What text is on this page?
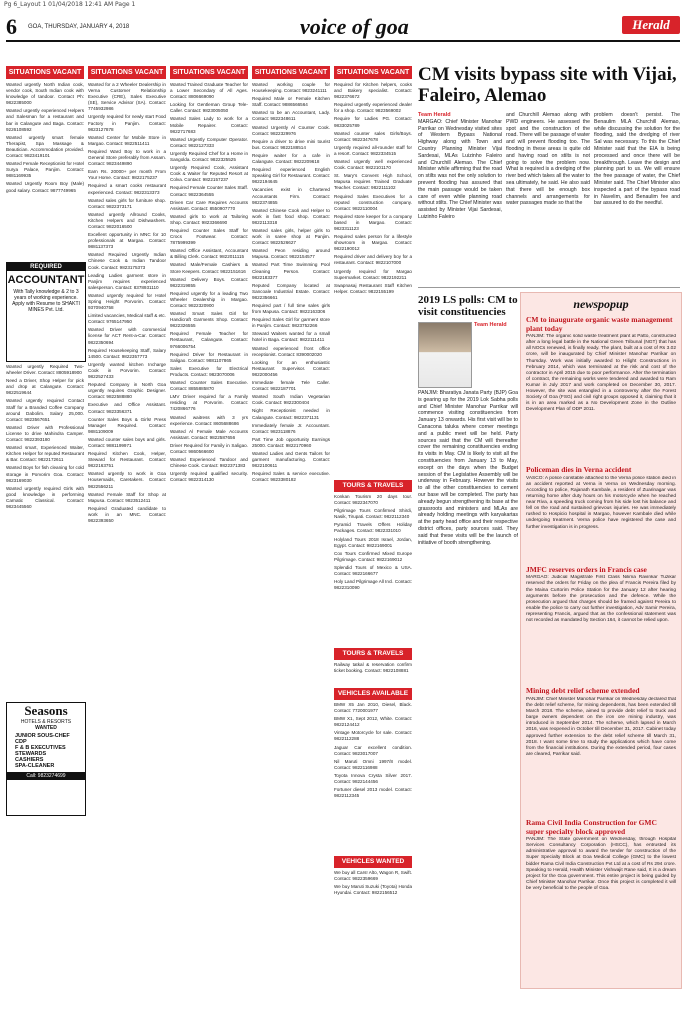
Pg 6_Layout 1 01/04/2018 12:41 AM Page 1
6 GOA, THURSDAY, JANUARY 4, 2018	voice of goa	Herald
SITUATIONS VACANT	SITUATIONS VACANT	SITUATIONS VACANT	SITUATIONS VACANT	SITUATIONS VACANT
Wanted urgently North Indian cook, vendor cook, South Indian cook with knowledge of tandoor. Contact Ph: 9822385000
Wanted urgently experienced Helpers and Salesman for a restaurant and bar in Calangute and Baga. Contact: 9226108592
Wanted urgently smart female Therapist, Spa Massage & Beautician. Accommodation provided. Contact: 9823419101
Wanted Female Receptionist for Hotel Surya Palace, Panjim. Contact: 9881169935
Wanted Urgently Room Boy (Male) good salary. Contact: 9877749965
REQUIRED
ACCOUNTANT
With Tally knowledge & 2 to 3 years of working experience. Apply with Resume to SHAKTI MINES Pvt. Ltd.
Wanted urgently Required Two-wheeler Driver. Contact: 8805918900
Need a Driver, Shop Helper for pick and drop at Calangute. Contact: 9822519644
Wanted urgently required Contact Staff for a Branded Coffee Company around Dabolim. Salary 25,000. Contact: 9823567651
Wanted Driver with Professional License to drive Mahindra Camper. Contact: 9822393180
Wanted smart, Experienced Waiter, Kitchen Helper for reputed Restaurant & Bar. Contact: 9822172611
Wanted Boys for fish cleaning for cold storage in Porvorim Goa. Contact: 9823169030
Wanted urgently required Girls with good knowledge in performing Carnatic Classical. Contact: 9823445560
Seasons
HOTELS & RESORTS
WANTED
JUNIOR SOUS-CHEF
CDP
F & B EXECUTIVES
STEWARDS
CASHIERS
SPA-CLEANER
Call: 9823274699
Wanted for a 2 Wheeler Dealership in Verna Customer Relationship Executive (CRE), Sales Executive (SE), Service Advisor (SA). Contact: 7745932986
Urgently required for newly start Food Factory in Panjim. Contact: 9823127878
Wanted Center for Mobile Store in Margao. Contact: 9822511411
Required Ward Boy to work in a General Store preferably from Assam. Contact: 9823449890
Earn Rs. 20000+ per month From Your Home. Contact: 9822175237
Required a smart cooks restaurant experienced. Contact: 9822313373
Wanted sales girls for furniture shop. Contact: 9822373171
Wanted urgently Allround Cooks, Kitchen Helpers and Dishwashers. Contact: 9822016500
Excellent opportunity in MNC for 10 professionals at Margao. Contact: 9881137373
Wanted Required Urgently Indian Chinese Cook & Indian Tandoor Cook. Contact: 9823175373
Leading Ladies garment store in Panjim requires experienced salesperson. Contact: 8378931110
Wanted urgently required for Hotel Spring Height Porvorim. Contact: 9370940758
Limited vacancies, Medical staff & etc. Contact: 9765147950
Wanted Driver with commercial license for ACT Rent-a-Car. Contact: 9822350694
Required Housekeeping Staff, Salary 14500. Contact: 9822357773
Urgently wanted kitchen Incharge Cook in Porvorim. Contact: 9822527433
Reputed Company in North Goa urgently requires Graphic Designer. Contact: 9822588880
Executive and Office Assistant. Contact: 9823356371
Counter Sales Boys & Girls! Press Manager Required. Contact: 9881109009
Wanted counter sales boys and girls. Contact: 9881199971
Required Kitchen Cook, Helper, Steward for Restaurant. Contact: 9822163751
Wanted urgently to work in Goa Housemaids, Caretakers. Contact: 9822556211
Wanted Female Staff for Shop at Mapusa. Contact: 9823512411
Required Graduated candidate to work in an MNC. Contact: 9822393650
Wanted Trained Graduate Teacher for a Lower Secondary of All Ages. Contact: 8806669090
Looking for Gentleman Group Tele-Caller. Contact: 9823005050
Wanted Sales Lady to work for a Mobile Repairer. Contact: 9822717683
Wanted Urgently Computer Operator. Contact: 9822127333
Urgently Required Chef for a Home in Sangolda. Contact: 9822325525
Urgently Required Cook, Assistant Cook & Waiter for Reputed Resort at Colva. Contact: 9822157237
Required Female Counter Sales Staff. Contact: 9822364555
Driven Car Care Requires Accounts Assistant. Contact: 8550907770
Wanted girls to work at Tailoring Shop. Contact: 9823366690
Required Counter Sales Staff for Crocs Footwear. Contact: 7875999399
Wanted Office Assistant, Accountant & Billing Clerk. Contact: 9822011115
Wanted Male/Female Cashiers & Store Keepers. Contact: 9822151616
Wanted Delivery Boys. Contact: 9822319855
Required urgently for a leading Two Wheeler Dealership in Margao. Contact: 9822320900
Wanted Smart Sales Girl for Handicraft Garments Shop. Contact: 9822326555
Required Female Teacher for Restaurant, Calangute. Contact: 9766006754
Required Driver for Restaurant in Saligao. Contact: 9881107865
Sales Executive for Electrical Products. Contact: 9823070006
Wanted Counter Sales Executive. Contact: 8855885870
LMV Driver required for a Family residing at Porvorim. Contact: 7420866776
Wanted waitress with 3 yrs experience. Contact: 8605688686
Wanted Al Female Male Accounts Assistant. Contact: 9822587656
Driver Required for Family in Saligao. Contact: 9860566600
Wanted Experienced Tandoor and Chinese Cook. Contact: 9822371383
Urgently required qualified security. Contact: 9822314130
Wanted working couple for Housekeeping. Contact: 9823241111
Required Male or Female Kitchen Staff. Contact: 9886566564
Wanted to be an Accountant, Lady. Contact: 9822348611
Wanted Urgently Al Counter Cook. Contact: 9822329976
Require a driver to drive mini tourist bus. Contact: 9822188514
Require waiter for a cafe in Calangute. Contact: 9822209618
Required experienced English Speaking Girl for Restaurant. Contact: 9822194645
Vacancies exist in Chartered Accountants Firm. Contact: 9822374855
Wanted Chinese Cook and Helper to work in fast food shop. Contact: 9822113318
Wanted sales girls, helper girls to work in saree shop at Panjim. Contact: 9822526627
Wanted Peon residing around Mapusa. Contact: 9822154577
Wanted Part Time Swimming Pool Cleaning Person. Contact: 9822183377
Reputed Company located at Sancoale Industrial Estate. Contact: 9822356661
Required part / full time sales girls from Mapusa. Contact: 9822163306
Required Sales Girl for garment store in Panjim. Contact: 9823752266
Steward Waiters wanted for a small hotel in Baga. Contact: 9822111411
Wanted experienced front office receptionist. Contact: 8390002020
Looking for an enthusiastic Restaurant Supervisor. Contact: 9822000456
Immediate female Tele Caller. Contact: 9822187701
Wanted South Indian Vegetarian Cook. Contact: 9822300404
Night Receptionist needed in Calangute. Contact: 9822371131
Immediately female Jr. Accountant. Contact: 9823118876
Part Time Job opportunity Earnings 25000. Contact: 9822170960
Wanted Ladies and Gents Tailors for garment manufacturing. Contact: 9822100611
Required Sales & service executive. Contact: 9823380182
Required for Kitchen helpers, cooks and Bakery specialist. Contact: 9822376672
Required urgently experienced dealer for a shop. Contact: 9823569002
Require for Ladies PG. Contact: 9833025789
Wanted counter sales Girls/Boys. Contact: 9822347678
Urgently required all-rounder staff for a resort. Contact: 9822334515
Wanted urgently well experienced Cook. Contact: 9822101170
St. Mary's Convent High School, Mapusa requires Trained Graduate Teacher. Contact: 9822111102
Required Sales Executives for a reputed construction company. Contact: 9822110004
Required store keeper for a company based in Margao. Contact: 9823311123
Required sales person for a lifestyle showroom in Margao. Contact: 9822190012
Required driver and delivery boy for a restaurant. Contact: 9822107000
Urgently required for Margao Supermarket. Contact: 9822192211
Swapnasaj Restaurant Staff Kitchen Helper. Contact: 9822155199
TOURS & TRAVELS
Konkan Tourism 20 days tour. Contact: 9822347070
Pilgrimage Tours Confirmed Shirdi, Nasik, Tirupati. Contact: 9822112340
Pyramid Travels Offers Holiday Packages. Contact: 9822331010
Holyland Tours 2018 Israel, Jordan, Egypt. Contact: 9822169001
Cox Tours Confirmed Mixed Europe Pilgrimage. Contact: 9822169012
Splendid Tours of Mexico & USA. Contact: 9822166677
Holy Land Pilgrimage All Incl. Contact: 9822310090
TOURS & TRAVELS
Railway tatkal & reservation confirm ticket booking. Contact: 9822108881
VEHICLES AVAILABLE
BMW X5 Jan 2010, Diesel, Black. Contact: 7720001977
BMW X1, Sept 2012, White. Contact: 9822124412
Vintage Motorcycle for sale. Contact: 9822112288
Jaguar Car excellent condition. Contact: 9823017007
Nil Maruti Omni 1997/8 model. Contact: 9822116988
Toyota Innova Crysta Silver 2017. Contact: 9822144456
Fortuner diesel 2013 model. Contact: 9822112345
VEHICLES WANTED
We buy all Cars! Alto, Wagon R, Swift. Contact: 9822359669
We buy Maruti Suzuki (Toyota) Honda Hyundai. Contact: 9822156512
CM visits bypass site with Vijai, Faleiro, Alemao
Team Herald
MARGAO: Chief Minister Manohar Parrikar on Wednesday visited sites of Western Bypass National Highway along with Town and Country Planning Minister Vijai Sardesai, MLAs Luizinho Faleiro and Churchill Alemao. The Chief Minister while affirming that the road on stilts was not the only solution to prevent flooding has assured that the main passage would be taken care of even while planning road without stilts. The Chief Minister was assisted by Minister Vijai Sardesai, Luizinho Faleiro
and Churchill Alemao along with PWD engineers. He assessed the spot and the construction of the road. There will be passage of water and will prevent flooding too. The flooding in these areas is quite old and having road on stilts is not going to solve the problem now. What is required is a dredging of the river bed which takes all the water to sea ultimately, he said. He also said that there will be enough box channels and arrangements for water passages made so that the
problem doesn't persist. The Benaulim MLA Churchill Alemao, while discussing the solution for the flooding, said the dredging of river Sal was necessary. To this the Chief Minister said that the EIA is being processed and once there will be breakthrough. Leave the design and planning part to us. We will ensure the free passage of water, the Chief Minister said. The Chief Minister also inspected a part of the bypass road in Navelim, and Benaulim fee and bar assured to do the needful.
2019 LS polls: CM to visit constituencies
Team Herald
PANJIM: Bharatiya Janata Party (BJP) Goa is gearing up for the 2019 Lok Sabha polls and Chief Minister Manohar Parrikar will commence visiting constituencies from January 13 onwards. His first visit will be to Canacona taluka where corner meetings and a public meet will be held. Party sources said that the CM will thereafter cover the remaining constituencies ending its visits in May. CM is likely to visit all the constituencies from January 13 to May, except on the days when the Budget session of the Legislative Assembly will be underway in February. However the visits to all the other constituencies to cement our base will be completed. The party has already begun strengthening its base at the grassroots and ministers and MLAs are already holding meetings with karyakartas at the party head office and their respective district offices, party sources said. They said that these visits will be the launch of initiative of booth strengthening.
newspopup
CM to inaugurate organic waste management plant today
PANJIM: The organic solid waste treatment plant at Patto, constructed after a long legal battle in the National Green Tribunal (NGT) that has all NOCs renewed, is finally ready. The plant, built at a cost of Rs 3.02 crore, will be inaugurated by Chief Minister Manohar Parrikar on Thursday. Work was initially awarded to Hilight Constructions in February 2014, which was terminated at the risk and cost of the contractor in April 2015 due to poor performance. After the termination of contract, the remaining works were tendered and awarded to Ram Kumar in July 2017 and work completed on December 30, 2017. However, the site was entangled in a controversy after the Forest Society of Goa (FSG) and civil right groups opposed it, claiming that it is in an area marked as a No Development Zone in the Outline Development Plan of ODP 2011.
Policeman dies in Verna accident
VASCO: A police constable attached to the Verna police station died in an accident reported at Verna in Verna on Wednesday morning. According to police, Rajanath Kambale, a resident of Zuarinagar was returning home after duty hours on his motorcycle when he reached near Riva, a speeding truck coming from his side lost his balance and fell on the road and sustained grievous injuries. He was immediately rushed to Hospicio hospital in Margao, however Kambale died while undergoing treatment. Verna police have registered the case and further investigation is in progress.
JMFC reserves orders in Francis case
MARGAO: Judicial Magistrate First Class Nilima Ravinkar Tuzikar reserved the orders for Friday on the plea of Francis Pereira filed by the Maina Curtorim Police Station for the January 12 after hearing arguments before the prosecution and the defence. While the prosecution argued that charges should be framed against Pereira to enable the police to carry out further investigation, Adv Samir Pereira, representing Francis, argued that as the confessional statement was not recorded as mandated by Section 164, it cannot be relied upon.
Mining debt relief scheme extended
PANJIM: Chief Minister Manohar Parrikar on Wednesday declared that the debt relief scheme, for mining dependents, has been extended till March 2018. The scheme, aimed to provide debt relief to truck and barge owners dependent on the iron ore mining industry, was introduced in September 2014. The scheme, which lapsed in March 2016, was reopened in October till December 31, 2017. Cabinet today approved further extension to the debt relief scheme till March 31, 2018. I want some time to study the applications which have come from the financial institutions. During the extended period, four cases are cleared, Parrikar said.
Rama Civil India Construction for GMC super specialty block approved
PANJIM: The State government on Wednesday, through Hospital Services Consultancy Corporation (HSCC), has entrusted its administrative approval to award the tender for construction of the Super Specialty Block at Goa Medical College (GMC) to the lowest bidder Rama Civil India Construction Pvt Ltd at a cost of Rs 294 crore. Speaking to Herald, Health Minister Vishwajit Rane said, It is a dream project for the Goa government. This entire project is being guided by Chief Minister Manohar Parrikar. Once this project is completed it will be very beneficial to the people of Goa.
